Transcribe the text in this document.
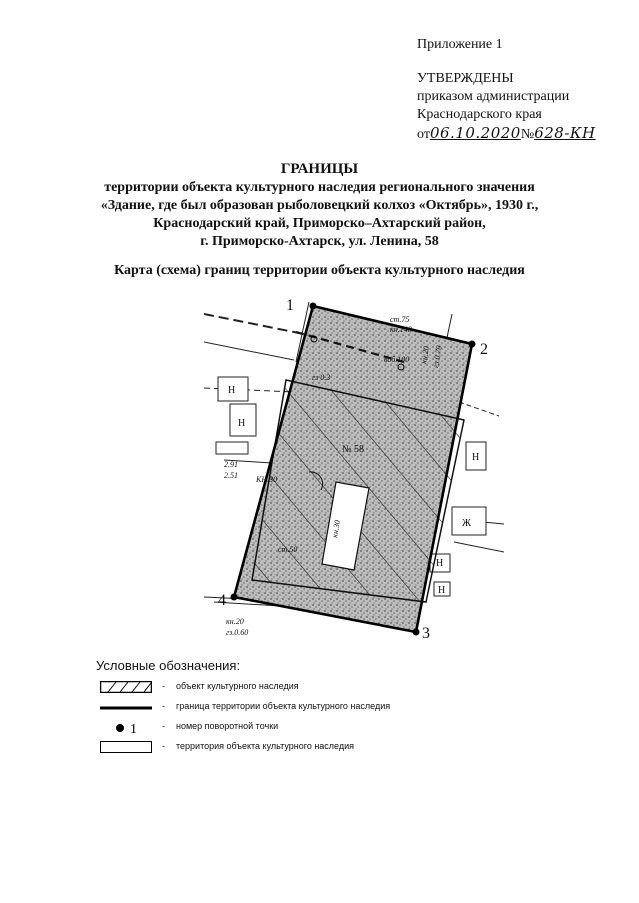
Приложение 1
УТВЕРЖДЕНЫ
приказом администрации
Краснодарского края
от06.10.2020№628-КН
ГРАНИЦЫ
территории объекта культурного наследия регионального значения
«Здание, где был образован рыболовецкий колхоз «Октябрь», 1930 г.,
Краснодарский край, Приморско–Ахтарский район,
г. Приморско-Ахтарск, ул. Ленина, 58
Карта (схема) границ территории объекта культурного наследия
1
2
3
4
ст.75
кн.140
воб.100
гз 0.3
кн.20 гз.0.70
КН.30
кн.30
ст.50
2.91
2.51
кн.20
гз.0.60
№ 58
Н
Н
Н
Н
Н
Ж
Условные обозначения:
- объект культурного наследия
- граница территории объекта культурного наследия
1	- номер поворотной точки
- территория объекта культурного наследия
